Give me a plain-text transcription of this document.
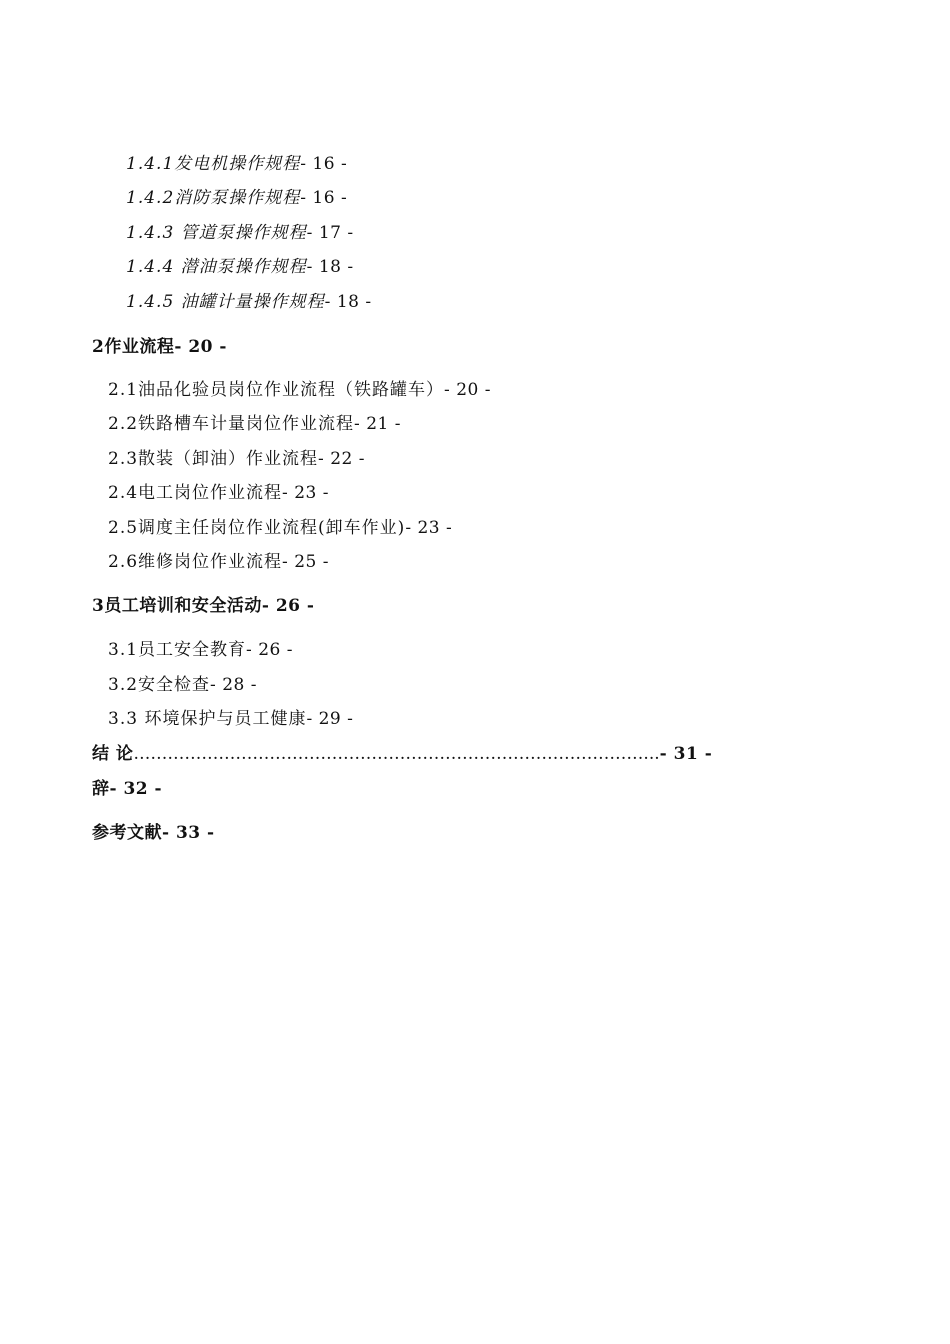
1.4.1发电机操作规程- 16 -
1.4.2消防泵操作规程- 16 -
1.4.3 管道泵操作规程- 17 -
1.4.4 潜油泵操作规程- 18 -
1.4.5 油罐计量操作规程- 18 -
2作业流程- 20 -
2.1油品化验员岗位作业流程（铁路罐车）- 20 -
2.2铁路槽车计量岗位作业流程- 21 -
2.3散装（卸油）作业流程- 22 -
2.4电工岗位作业流程- 23 -
2.5调度主任岗位作业流程(卸车作业)- 23 -
2.6维修岗位作业流程- 25 -
3员工培训和安全活动- 26 -
3.1员工安全教育- 26 -
3.2安全检查- 28 -
3.3 环境保护与员工健康- 29 -
结 论………………………………………………………………………………...- 31 -
辞- 32 -
参考文献- 33 -
